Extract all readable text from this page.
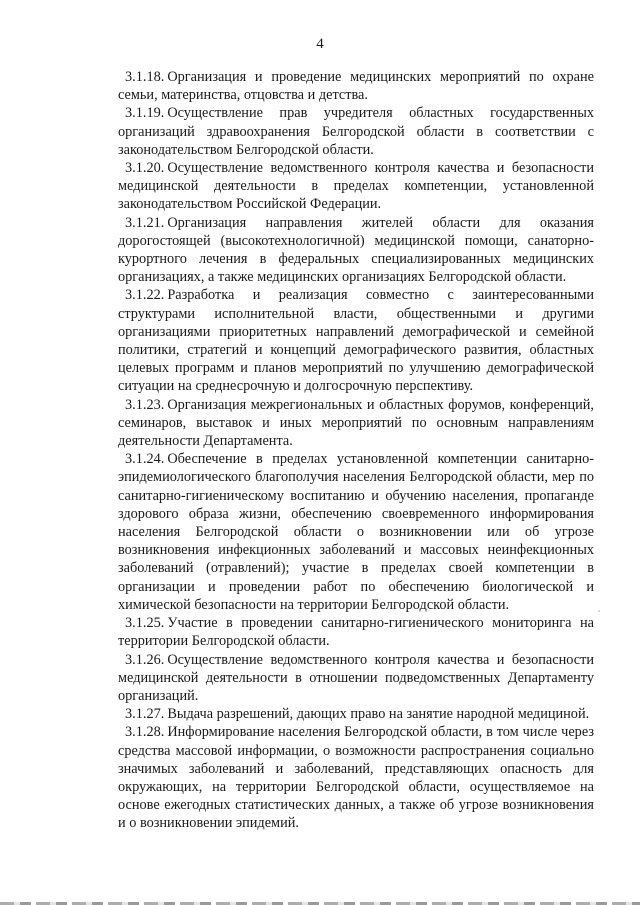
4

3.1.18. Организация и проведение медицинских мероприятий по охране семьи, материнства, отцовства и детства.

3.1.19. Осуществление прав учредителя областных государственных организаций здравоохранения Белгородской области в соответствии с законодательством Белгородской области.

3.1.20. Осуществление ведомственного контроля качества и безопасности медицинской деятельности в пределах компетенции, установленной законодательством Российской Федерации.

3.1.21. Организация направления жителей области для оказания дорогостоящей (высокотехнологичной) медицинской помощи, санаторно-курортного лечения в федеральных специализированных медицинских организациях, а также медицинских организациях Белгородской области.

3.1.22. Разработка и реализация совместно с заинтересованными структурами исполнительной власти, общественными и другими организациями приоритетных направлений демографической и семейной политики, стратегий и концепций демографического развития, областных целевых программ и планов мероприятий по улучшению демографической ситуации на среднесрочную и долгосрочную перспективу.

3.1.23. Организация межрегиональных и областных форумов, конференций, семинаров, выставок и иных мероприятий по основным направлениям деятельности Департамента.

3.1.24. Обеспечение в пределах установленной компетенции санитарно-эпидемиологического благополучия населения Белгородской области, мер по санитарно-гигиеническому воспитанию и обучению населения, пропаганде здорового образа жизни, обеспечению своевременного информирования населения Белгородской области о возникновении или об угрозе возникновения инфекционных заболеваний и массовых неинфекционных заболеваний (отравлений); участие в пределах своей компетенции в организации и проведении работ по обеспечению биологической и химической безопасности на территории Белгородской области.

3.1.25. Участие в проведении санитарно-гигиенического мониторинга на территории Белгородской области.

3.1.26. Осуществление ведомственного контроля качества и безопасности медицинской деятельности в отношении подведомственных Департаменту организаций.

3.1.27. Выдача разрешений, дающих право на занятие народной медициной.

3.1.28. Информирование населения Белгородской области, в том числе через средства массовой информации, о возможности распространения социально значимых заболеваний и заболеваний, представляющих опасность для окружающих, на территории Белгородской области, осуществляемое на основе ежегодных статистических данных, а также об угрозе возникновения и о возникновении эпидемий.
